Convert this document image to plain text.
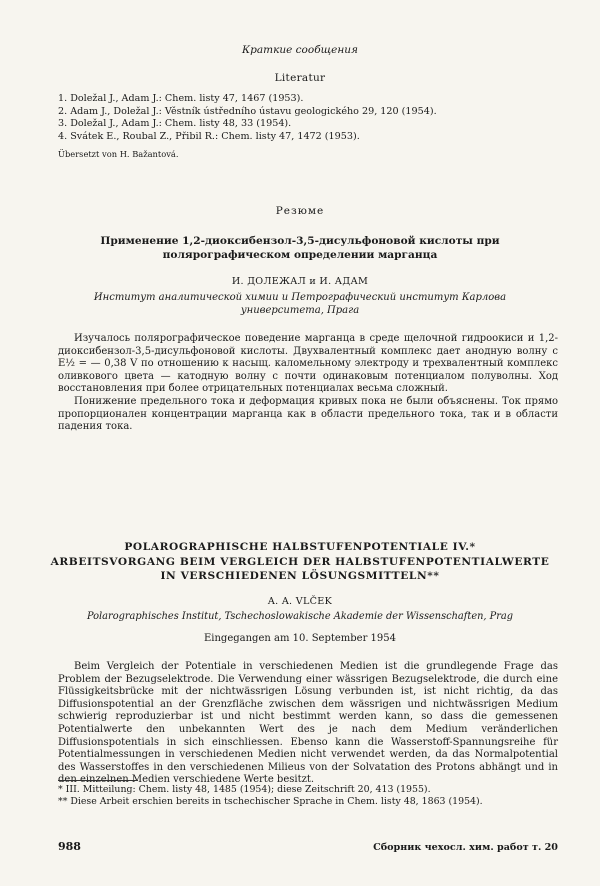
Краткие сообщения
Literatur
1. Doležal J., Adam J.: Chem. listy 47, 1467 (1953).
2. Adam J., Doležal J.: Věstník ústředního ústavu geologického 29, 120 (1954).
3. Doležal J., Adam J.: Chem. listy 48, 33 (1954).
4. Svátek E., Roubal Z., Přibil R.: Chem. listy 47, 1472 (1953).
Übersetzt von H. Bažantová.
Резюме
Применение 1,2-диоксибензол-3,5-дисульфоновой кислоты при
полярографическом определении марганца
И. ДОЛЕЖАЛ и И. АДАМ
Институт аналитической химии и Петрографический институт Карлова
университета, Прага

Изучалось полярографическое поведение марганца в среде щелочной гидроокиси и 1,2-диоксибензол-3,5-дисульфоновой кислоты. Двухвалентный комплекс дает анодную волну с E½ = — 0,38 V по отношению к насыщ. каломельному электроду и трехвалентный комплекс оливкового цвета — катодную волну с почти одинаковым потенциалом полуволны. Ход восстановления при более отрицательных потенциалах весьма сложный.

Понижение предельного тока и деформация кривых пока не были объяснены. Ток прямо пропорционален концентрации марганца как в области предельного тока, так и в области падения тока.

POLAROGRAPHISCHE HALBSTUFENPOTENTIALE IV.*
ARBEITSVORGANG BEIM VERGLEICH DER HALBSTUFENPOTENTIALWERTE
IN VERSCHIEDENEN LÖSUNGSMITTELN**
A. A. VLČEK
Polarographisches Institut, Tschechoslowakische Akademie der Wissenschaften, Prag
Eingegangen am 10. September 1954

Beim Vergleich der Potentiale in verschiedenen Medien ist die grundlegende Frage das Problem der Bezugselektrode. Die Verwendung einer wässrigen Bezugselektrode, die durch eine Flüssigkeitsbrücke mit der nichtwässrigen Lösung verbunden ist, ist nicht richtig, da das Diffusionspotential an der Grenzfläche zwischen dem wässrigen und nichtwässrigen Medium schwierig reproduzierbar ist und nicht bestimmt werden kann, so dass die gemessenen Potentialwerte den unbekannten Wert des je nach dem Medium veränderlichen Diffusionspotentials in sich einschliessen. Ebenso kann die Wasserstoff-Spannungsreihe für Potentialmessungen in verschiedenen Medien nicht verwendet werden, da das Normalpotential des Wasserstoffes in den verschiedenen Milieus von der Solvatation des Protons abhängt und in den einzelnen Medien verschiedene Werte besitzt.

* III. Mitteilung: Chem. listy 48, 1485 (1954); diese Zeitschrift 20, 413 (1955).
** Diese Arbeit erschien bereits in tschechischer Sprache in Chem. listy 48, 1863 (1954).
988	Сборник чехосл. хим. работ т. 20
